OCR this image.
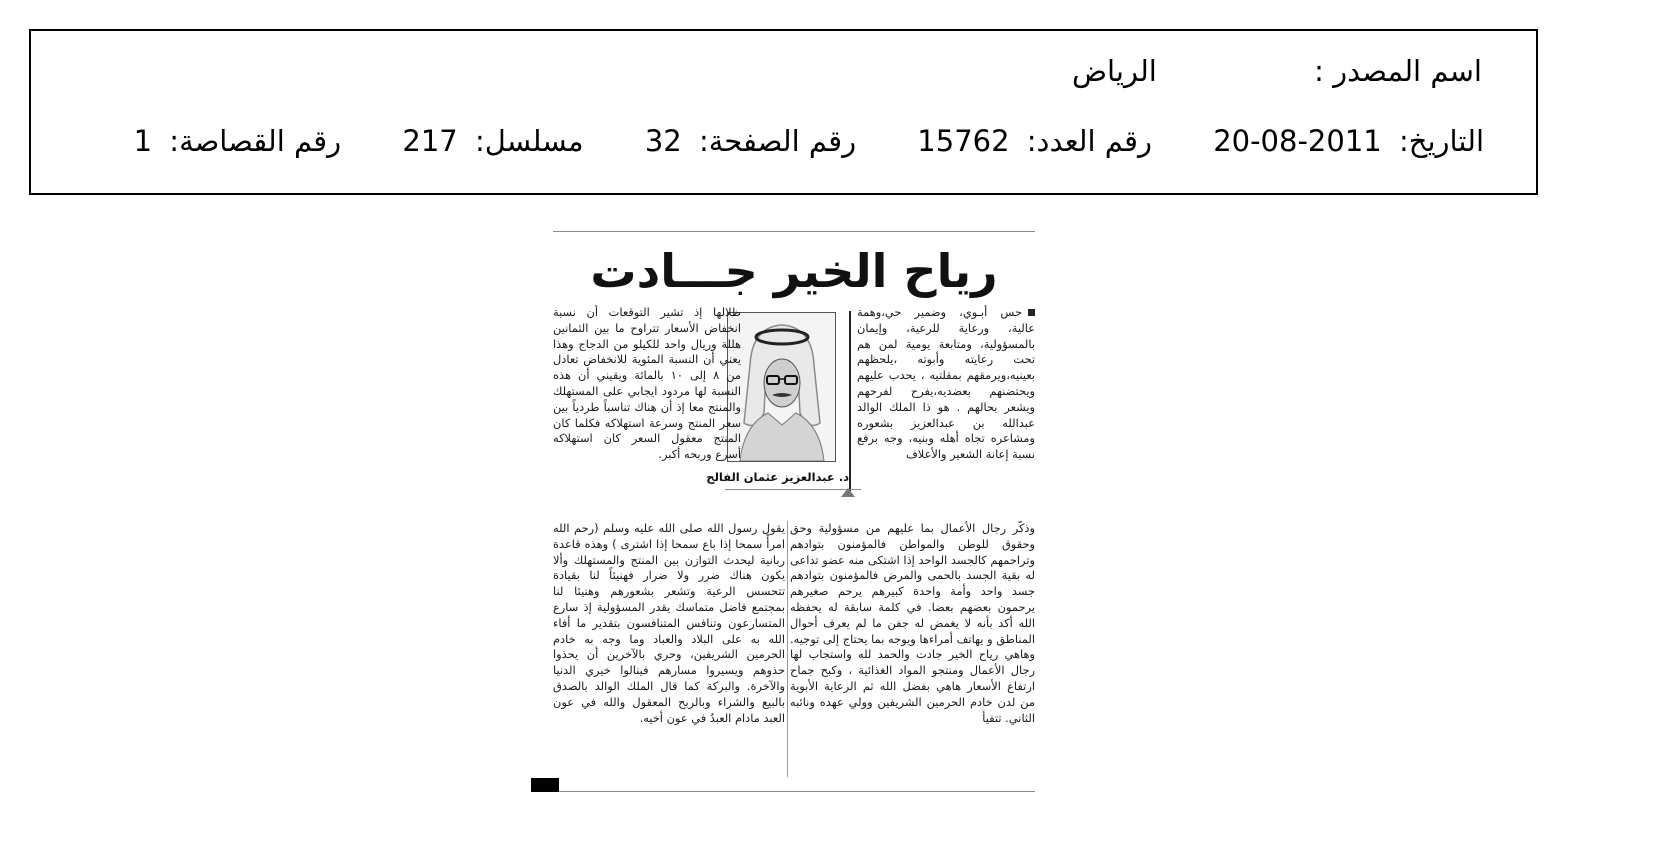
اسم المصدر : الرياض
التاريخ: 20-08-2011 رقم العدد: 15762 رقم الصفحة: 32 مسلسل: 217 رقم القصاصة: 1
رياح الخير جـــادت
حس أبـوي، وضمير حي،وهمة عالية، ورعاية للرعية، وإيمان بالمسؤولية، ومتابعة يومية لمن هم تحت رعايته وأبوته ،يلحظهم بعينيه،ويرمقهم بمقلتيه ، يحدب عليهم ويحتضنهم بعضديه،يفرح لفرحهم ويشعر بحالهم . هو ذا الملك الوالد عبدالله بن عبدالعزيز بشعوره ومشاعره تجاه أهله وبنيه، وجه برفع نسبة إعانة الشعير والأعلاف
د. عبدالعزيز عثمان الفالح
ظلالها إذ تشير التوقعات أن نسبة انخفاض الأسعار تتراوح ما بين الثمانين هللة وريال واحد للكيلو من الدجاج وهذا يعني أن النسبة المئوية للانخفاض تعادل من ٨ إلى ١٠ بالمائة ويقيني أن هذه النسبة لها مردود ايجابي على المستهلك والمنتج معا إذ أن هناك تناسباً طردياً بين سعر المنتج وسرعة استهلاكه فكلما كان المنتج معقول السعر كان استهلاكه أسرع وربحه أكبر.
وذكّر رجال الأعمال بما عليهم من مسؤولية وحق وحقوق للوطن والمواطن فالمؤمنون بتوادهم وتراحمهم كالجسد الواحد إذا اشتكى منه عضو تداعى له بقية الجسد بالحمى والمرض فالمؤمنون بتوادهم جسد واحد وأمة واحدة كبيرهم يرحم صغيرهم يرحمون بعضهم بعضا. في كلمة سابقة له يحفظه الله أكد بأنه لا يغمض له جفن ما لم يعرف أحوال المناطق و يهاتف أمراءها ويوجه بما يحتاج إلى توجيه. وهاهي رياح الخير جادت والحمد لله واستجاب لها رجال الأعمال ومنتجو المواد الغذائية ، وكبح جماح ارتفاع الأسعار هاهي بفضل الله ثم الرعاية الأبوية من لدن خادم الحرمين الشريفين وولي عهده ونائبه الثاني. تتفيأ
يقول رسول الله صلى الله عليه وسلم (رحم الله امرأً سمحا إذا باع سمحا إذا اشترى ) وهذه قاعدة ربانية ليحدث التوازن بين المنتج والمستهلك وألا يكون هناك ضرر ولا ضرار فهنيئاً لنا بقيادة تتحسس الرعية وتشعر بشعورهم وهنيئا لنا بمجتمع فاضل متماسك يقدر المسؤولية إذ سارع المتسارعون وتنافس المتنافسون بتقدير ما أفاء الله به على البلاد والعباد وما وجه به خادم الحرمين الشريفين، وحري بالآخرين أن يحذوا حذوهم ويسيروا مسارهم فينالوا خيري الدنيا والآخرة. والبركة كما قال الملك الوالد بالصدق بالبيع والشراء وبالربح المعقول والله في عون العبد مادام العبدُ في عون أخيه.
